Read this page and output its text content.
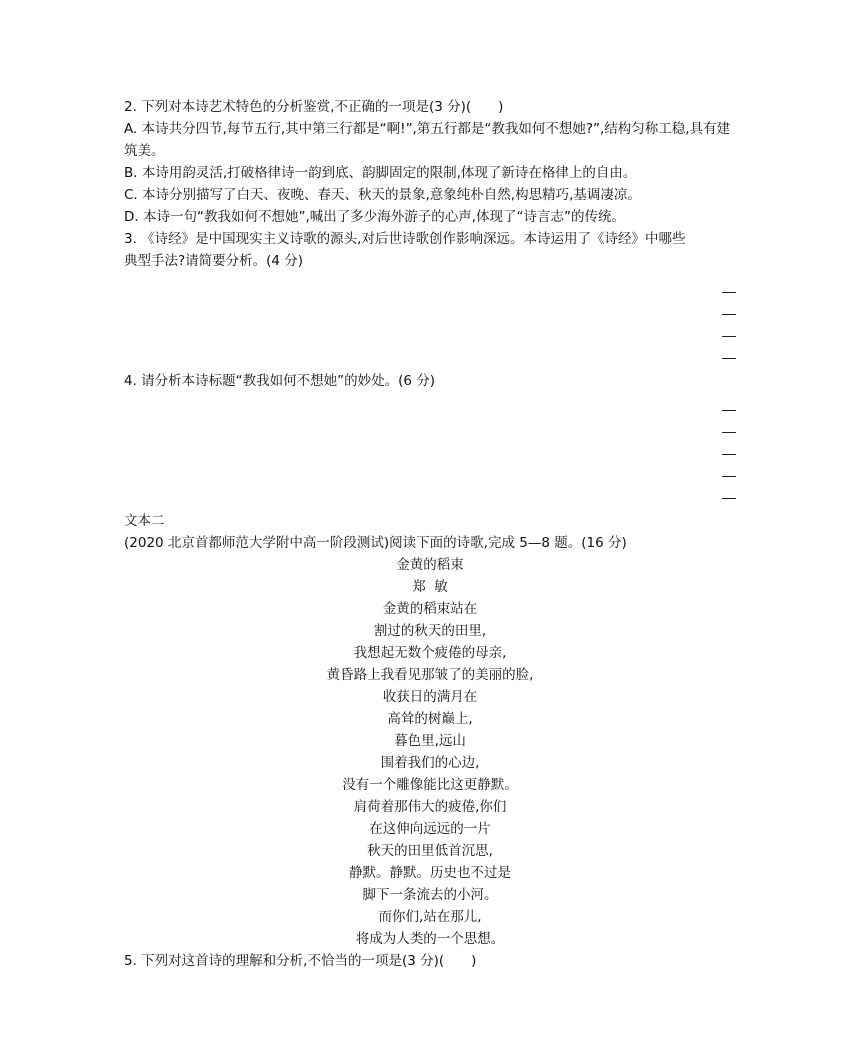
2. 下列对本诗艺术特色的分析鉴赏,不正确的一项是(3 分)(　　)
A. 本诗共分四节,每节五行,其中第三行都是“啊!”,第五行都是“教我如何不想她?”,结构匀称工稳,具有建筑美。
B. 本诗用韵灵活,打破格律诗一韵到底、韵脚固定的限制,体现了新诗在格律上的自由。
C. 本诗分别描写了白天、夜晚、春天、秋天的景象,意象纯朴自然,构思精巧,基调凄凉。
D. 本诗一句“教我如何不想她”,喊出了多少海外游子的心声,体现了“诗言志”的传统。
3. 《诗经》是中国现实主义诗歌的源头,对后世诗歌创作影响深远。本诗运用了《诗经》中哪些
典型手法?请简要分析。(4 分)
4. 请分析本诗标题“教我如何不想她”的妙处。(6 分)
文本二
(2020 北京首都师范大学附中高一阶段测试)阅读下面的诗歌,完成 5—8 题。(16 分)
金黄的稻束
郑  敏
金黄的稻束站在
割过的秋天的田里,
我想起无数个疲倦的母亲,
黄昏路上我看见那皱了的美丽的脸,
收获日的满月在
高耸的树巅上,
暮色里,远山
围着我们的心边,
没有一个雕像能比这更静默。
肩荷着那伟大的疲倦,你们
在这伸向远远的一片
秋天的田里低首沉思,
静默。静默。历史也不过是
脚下一条流去的小河。
而你们,站在那儿,
将成为人类的一个思想。
5. 下列对这首诗的理解和分析,不恰当的一项是(3 分)(　　)
